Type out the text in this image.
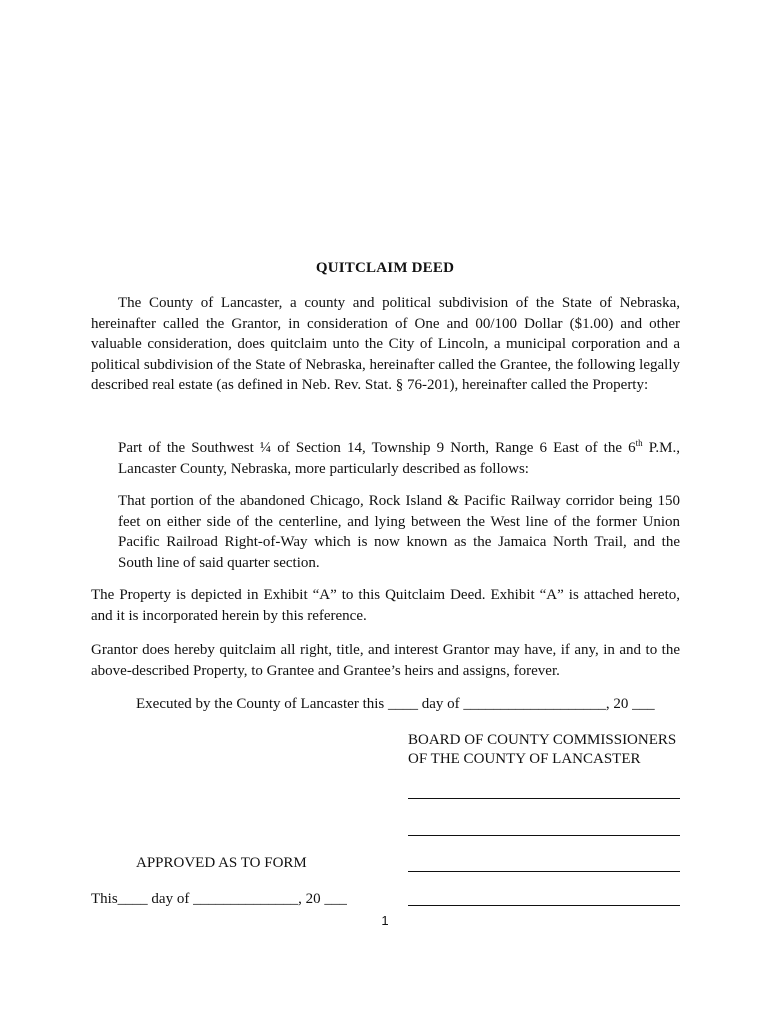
QUITCLAIM DEED

The County of Lancaster, a county and political subdivision of the State of Nebraska, hereinafter called the Grantor, in consideration of One and 00/100 Dollar ($1.00) and other valuable consideration, does quitclaim unto the City of Lincoln, a municipal corporation and a political subdivision of the State of Nebraska, hereinafter called the Grantee, the following legally described real estate (as defined in Neb. Rev. Stat. § 76-201), hereinafter called the Property:

Part of the Southwest ¼ of Section 14, Township 9 North, Range 6 East of the 6th P.M., Lancaster County, Nebraska, more particularly described as follows:

That portion of the abandoned Chicago, Rock Island & Pacific Railway corridor being 150 feet on either side of the centerline, and lying between the West line of the former Union Pacific Railroad Right-of-Way which is now known as the Jamaica North Trail, and the South line of said quarter section.

The Property is depicted in Exhibit “A” to this Quitclaim Deed. Exhibit “A” is attached hereto, and it is incorporated herein by this reference.

Grantor does hereby quitclaim all right, title, and interest Grantor may have, if any, in and to the above-described Property, to Grantee and Grantee’s heirs and assigns, forever.

Executed by the County of Lancaster this ____ day of ___________________, 20 ___

BOARD OF COUNTY COMMISSIONERS
OF THE COUNTY OF LANCASTER
APPROVED AS TO FORM
This____ day of ______________, 20 ___
1
